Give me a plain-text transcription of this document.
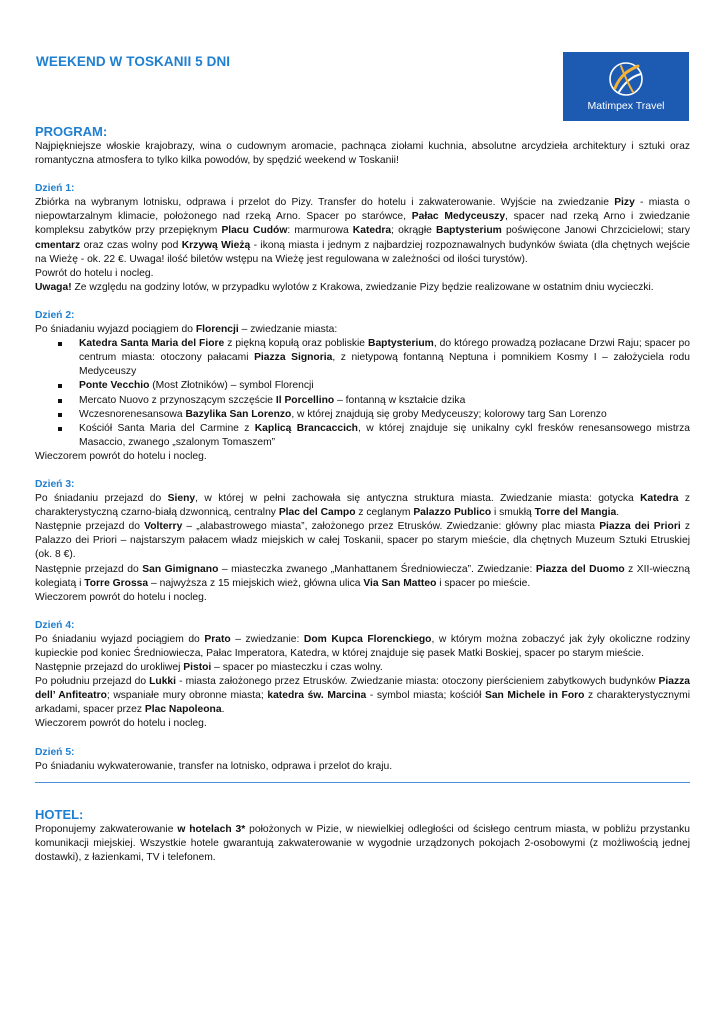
WEEKEND W TOSKANII 5 DNI
Matimpex Travel

PROGRAM:

Najpiękniejsze włoskie krajobrazy, wina o cudownym aromacie, pachnąca ziołami kuchnia, absolutne arcydzieła architektury i sztuki oraz romantyczna atmosfera to tylko kilka powodów, by spędzić weekend w Toskanii!

Dzień 1:

Zbiórka na wybranym lotnisku, odprawa i przelot do Pizy. Transfer do hotelu i zakwaterowanie. Wyjście na zwiedzanie Pizy - miasta o niepowtarzalnym klimacie, położonego nad rzeką Arno. Spacer po starówce, Pałac Medyceuszy, spacer nad rzeką Arno i zwiedzanie kompleksu zabytków przy przepięknym Placu Cudów: marmurowa Katedra; okrągłe Baptysterium poświęcone Janowi Chrzcicielowi; stary cmentarz oraz czas wolny pod Krzywą Wieżą - ikoną miasta i jednym z najbardziej rozpoznawalnych budynków świata (dla chętnych wejście na Wieżę - ok. 22 €. Uwaga! ilość biletów wstępu na Wieżę jest regulowana w zależności od ilości turystów).

Powrót do hotelu i nocleg.

Uwaga! Ze względu na godziny lotów, w przypadku wylotów z Krakowa, zwiedzanie Pizy będzie realizowane w ostatnim dniu wycieczki.

Dzień 2:

Po śniadaniu wyjazd pociągiem do Florencji – zwiedzanie miasta:

Katedra Santa Maria del Fiore z piękną kopułą oraz pobliskie Baptysterium, do którego prowadzą pozłacane Drzwi Raju; spacer po centrum miasta: otoczony pałacami Piazza Signoria, z nietypową fontanną Neptuna i pomnikiem Kosmy I – założyciela rodu Medyceuszy
Ponte Vecchio (Most Złotników) – symbol Florencji
Mercato Nuovo z przynoszącym szczęście Il Porcellino – fontanną w kształcie dzika
Wczesnorenesansowa Bazylika San Lorenzo, w której znajdują się groby Medyceuszy; kolorowy targ San Lorenzo
Kościół Santa Maria del Carmine z Kaplicą Brancaccich, w której znajduje się unikalny cykl fresków renesansowego mistrza Masaccio, zwanego „szalonym Tomaszem”

Wieczorem powrót do hotelu i nocleg.

Dzień 3:

Po śniadaniu przejazd do Sieny, w której w pełni zachowała się antyczna struktura miasta. Zwiedzanie miasta: gotycka Katedra z charakterystyczną czarno-białą dzwonnicą, centralny Plac del Campo z ceglanym Palazzo Publico i smukłą Torre del Mangia.

Następnie przejazd do Volterry – „alabastrowego miasta”, założonego przez Etrusków. Zwiedzanie: główny plac miasta Piazza dei Priori z Palazzo dei Priori – najstarszym pałacem władz miejskich w całej Toskanii, spacer po starym mieście, dla chętnych Muzeum Sztuki Etruskiej (ok. 8 €).

Następnie przejazd do San Gimignano – miasteczka zwanego „Manhattanem Średniowiecza”. Zwiedzanie: Piazza del Duomo z XII-wieczną kolegiatą i Torre Grossa – najwyższa z 15 miejskich wież, główna ulica Via San Matteo i spacer po mieście.

Wieczorem powrót do hotelu i nocleg.

Dzień 4:

Po śniadaniu wyjazd pociągiem do Prato – zwiedzanie: Dom Kupca Florenckiego, w którym można zobaczyć jak żyły okoliczne rodziny kupieckie pod koniec Średniowiecza, Pałac Imperatora, Katedra, w której znajduje się pasek Matki Boskiej, spacer po starym mieście.

Następnie przejazd do urokliwej Pistoi – spacer po miasteczku i czas wolny.

Po południu przejazd do Lukki - miasta założonego przez Etrusków. Zwiedzanie miasta: otoczony pierścieniem zabytkowych budynków Piazza dell’ Anfiteatro; wspaniałe mury obronne miasta; katedra św. Marcina - symbol miasta; kościół San Michele in Foro z charakterystycznymi arkadami, spacer przez Plac Napoleona.

Wieczorem powrót do hotelu i nocleg.

Dzień 5:

Po śniadaniu wykwaterowanie, transfer na lotnisko, odprawa i przelot do kraju.

HOTEL:

Proponujemy zakwaterowanie w hotelach 3* położonych w Pizie, w niewielkiej odległości od ścisłego centrum miasta, w pobliżu przystanku komunikacji miejskiej. Wszystkie hotele gwarantują zakwaterowanie w wygodnie urządzonych pokojach 2-osobowymi (z możliwością jednej dostawki), z łazienkami, TV i telefonem.
